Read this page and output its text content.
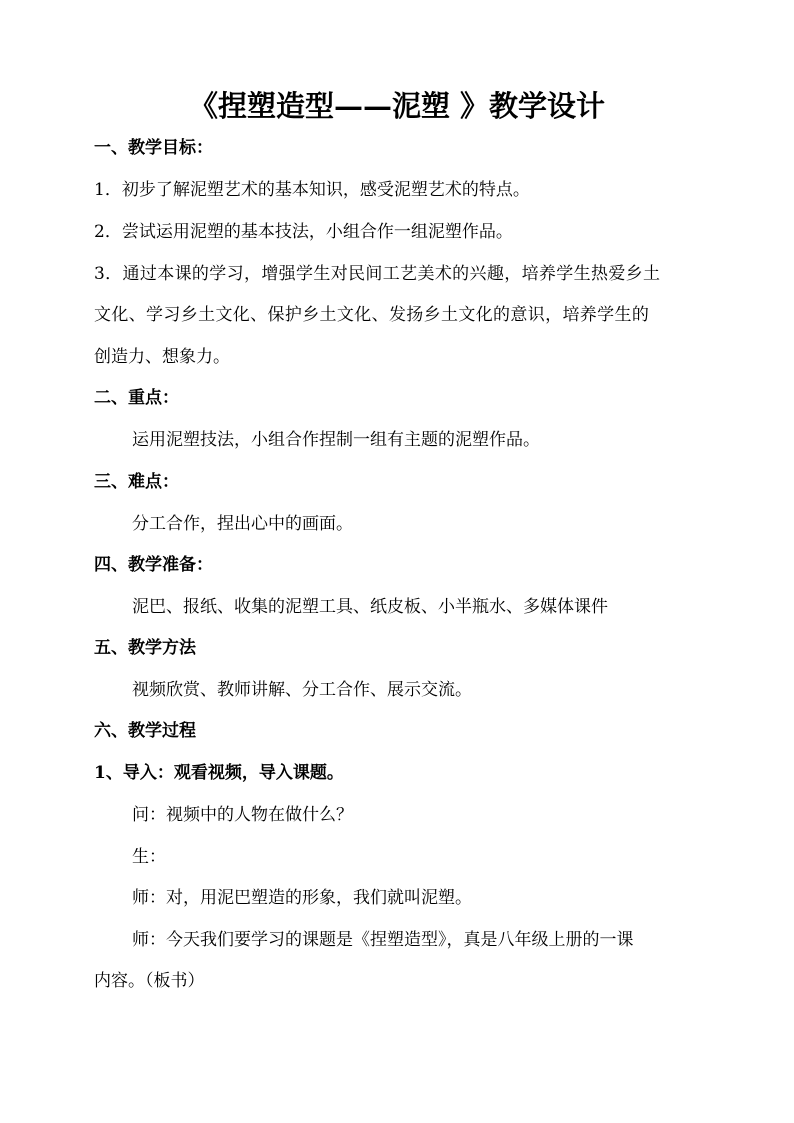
《捏塑造型——泥塑 》教学设计
一、教学目标：
1．初步了解泥塑艺术的基本知识，感受泥塑艺术的特点。
2．尝试运用泥塑的基本技法，小组合作一组泥塑作品。
3．通过本课的学习，增强学生对民间工艺美术的兴趣，培养学生热爱乡土
文化、学习乡土文化、保护乡土文化、发扬乡土文化的意识，培养学生的
创造力、想象力。
二、重点：
运用泥塑技法，小组合作捏制一组有主题的泥塑作品。
三、难点：
分工合作，捏出心中的画面。
四、教学准备：
泥巴、报纸、收集的泥塑工具、纸皮板、小半瓶水、多媒体课件
五、教学方法
视频欣赏、教师讲解、分工合作、展示交流。
六、教学过程
1、导入：观看视频，导入课题。
问：视频中的人物在做什么？
生：
师：对，用泥巴塑造的形象，我们就叫泥塑。
师：今天我们要学习的课题是《捏塑造型》，真是八年级上册的一课
内容。（板书）
